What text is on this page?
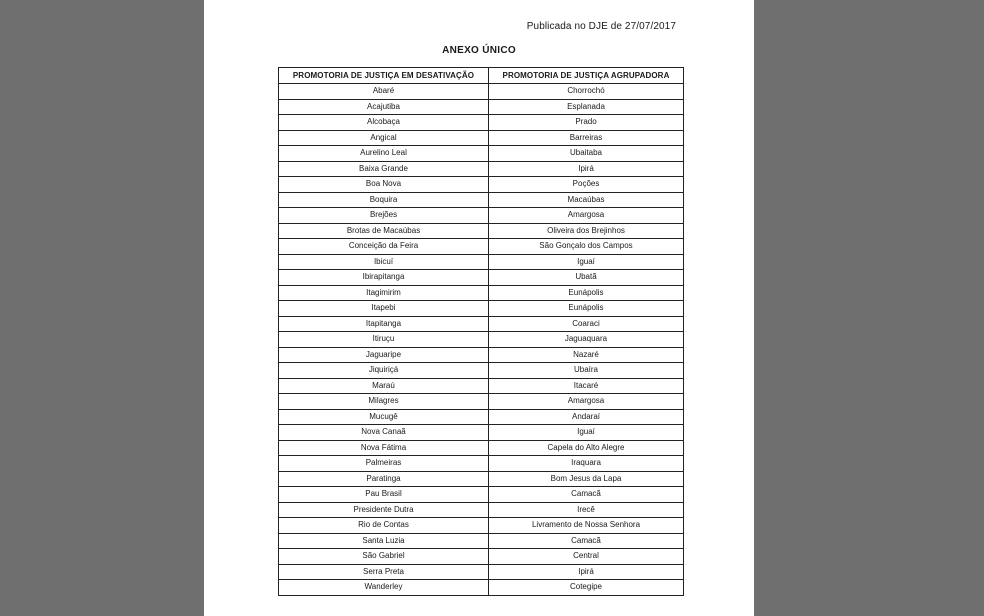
Publicada no DJE de 27/07/2017
ANEXO ÚNICO
PROMOTORIA DE JUSTIÇA EM DESATIVAÇÃO	PROMOTORIA DE JUSTIÇA AGRUPADORA
Abaré	Chorrochó
Acajutiba	Esplanada
Alcobaça	Prado
Angical	Barreiras
Aurelino Leal	Ubaitaba
Baixa Grande	Ipirá
Boa Nova	Poções
Boquira	Macaúbas
Brejões	Amargosa
Brotas de Macaúbas	Oliveira dos Brejinhos
Conceição da Feira	São Gonçalo dos Campos
Ibicuí	Iguaí
Ibirapitanga	Ubatã
Itagimirim	Eunápolis
Itapebi	Eunápolis
Itapitanga	Coaraci
Itiruçu	Jaguaquara
Jaguaripe	Nazaré
Jiquiriçá	Ubaíra
Maraú	Itacaré
Milagres	Amargosa
Mucugê	Andaraí
Nova Canaã	Iguaí
Nova Fátima	Capela do Alto Alegre
Palmeiras	Iraquara
Paratinga	Bom Jesus da Lapa
Pau Brasil	Camacã
Presidente Dutra	Irecê
Rio de Contas	Livramento de Nossa Senhora
Santa Luzia	Camacã
São Gabriel	Central
Serra Preta	Ipirá
Wanderley	Cotegipe
